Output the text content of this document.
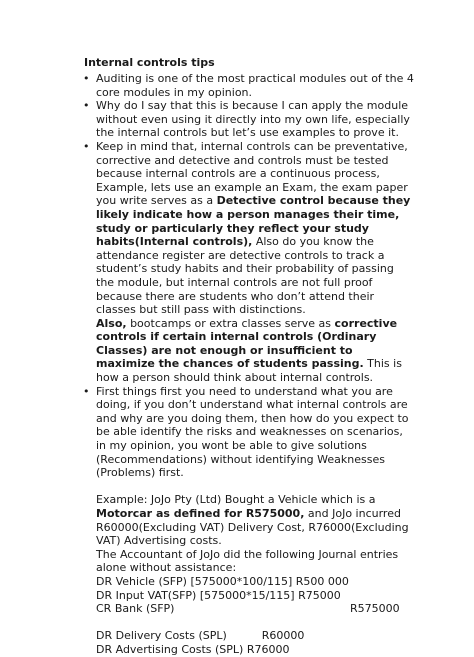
Internal controls tips
• Auditing is one of the most practical modules out of the 4 core modules in my opinion.

• Why do I say that this is because I can apply the module without even using it directly into my own life, especially the internal controls but let’s use examples to prove it.

• Keep in mind that, internal controls can be preventative, corrective and detective and controls must be tested because internal controls are a continuous process, Example, lets use an example an Exam, the exam paper you write serves as a Detective control because they likely indicate how a person manages their time, study or particularly they reflect your study habits(Internal controls), Also do you know the attendance register are detective controls to track a student’s study habits and their probability of passing the module, but internal controls are not full proof because there are students who don’t attend their classes but still pass with distinctions.

Also, bootcamps or extra classes serve as corrective controls if certain internal controls (Ordinary Classes) are not enough or insufficient to maximize the chances of students passing. This is how a person should think about internal controls.

• First things first you need to understand what you are doing, if you don’t understand what internal controls are and why are you doing them, then how do you expect to be able identify the risks and weaknesses on scenarios, in my opinion, you wont be able to give solutions (Recommendations) without identifying Weaknesses (Problems) first.

Example: JoJo Pty (Ltd) Bought a Vehicle which is a Motorcar as defined for R575000, and JoJo incurred R60000(Excluding VAT) Delivery Cost, R76000(Excluding VAT) Advertising costs.

The Accountant of JoJo did the following Journal entries alone without assistance:

DR Vehicle (SFP) [575000*100/115] R500 000
DR Input VAT(SFP) [575000*15/115] R75000
CR Bank (SFP)	R575000
DR Delivery Costs (SPL)          R60000
DR Advertising Costs (SPL) R76000
